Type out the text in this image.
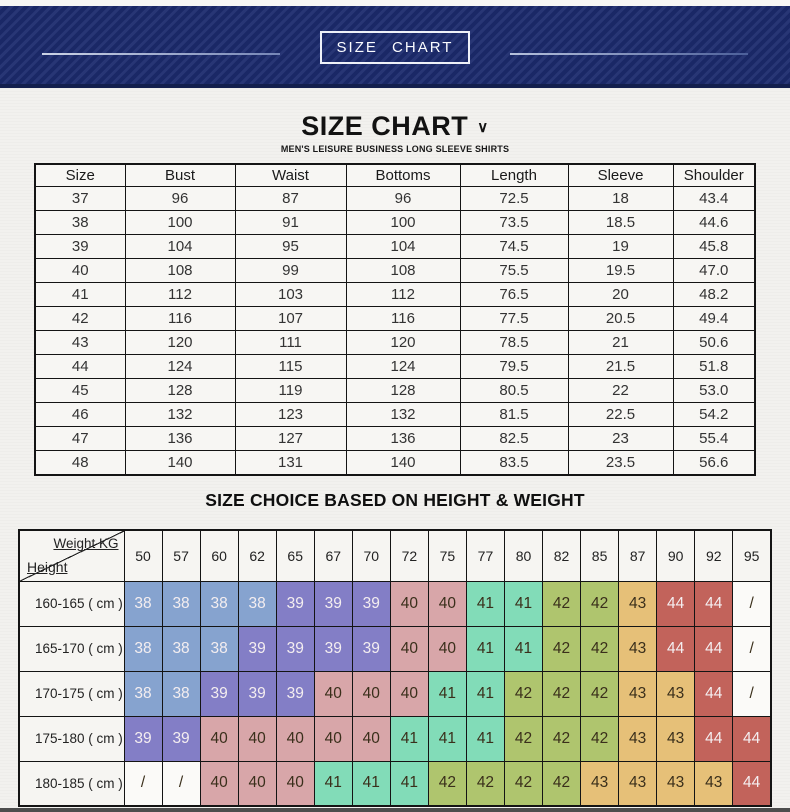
SIZE CHART
SIZE CHART ∨
MEN'S LEISURE BUSINESS LONG SLEEVE SHIRTS
Size	Bust	Waist	Bottoms	Length	Sleeve	Shoulder
37	96	87	96	72.5	18	43.4
38	100	91	100	73.5	18.5	44.6
39	104	95	104	74.5	19	45.8
40	108	99	108	75.5	19.5	47.0
41	112	103	112	76.5	20	48.2
42	116	107	116	77.5	20.5	49.4
43	120	111	120	78.5	21	50.6
44	124	115	124	79.5	21.5	51.8
45	128	119	128	80.5	22	53.0
46	132	123	132	81.5	22.5	54.2
47	136	127	136	82.5	23	55.4
48	140	131	140	83.5	23.5	56.6
SIZE CHOICE BASED ON HEIGHT & WEIGHT
Weight KG
Height	50	57	60	62	65	67	70	72	75	77	80	82	85	87	90	92	95
160-165 ( cm )	38	38	38	38	39	39	39	40	40	41	41	42	42	43	44	44	/
165-170 ( cm )	38	38	38	39	39	39	39	40	40	41	41	42	42	43	44	44	/
170-175 ( cm )	38	38	39	39	39	40	40	40	41	41	42	42	42	43	43	44	/
175-180 ( cm )	39	39	40	40	40	40	40	41	41	41	42	42	42	43	43	44	44
180-185 ( cm )	/	/	40	40	40	41	41	41	42	42	42	42	43	43	43	43	44
